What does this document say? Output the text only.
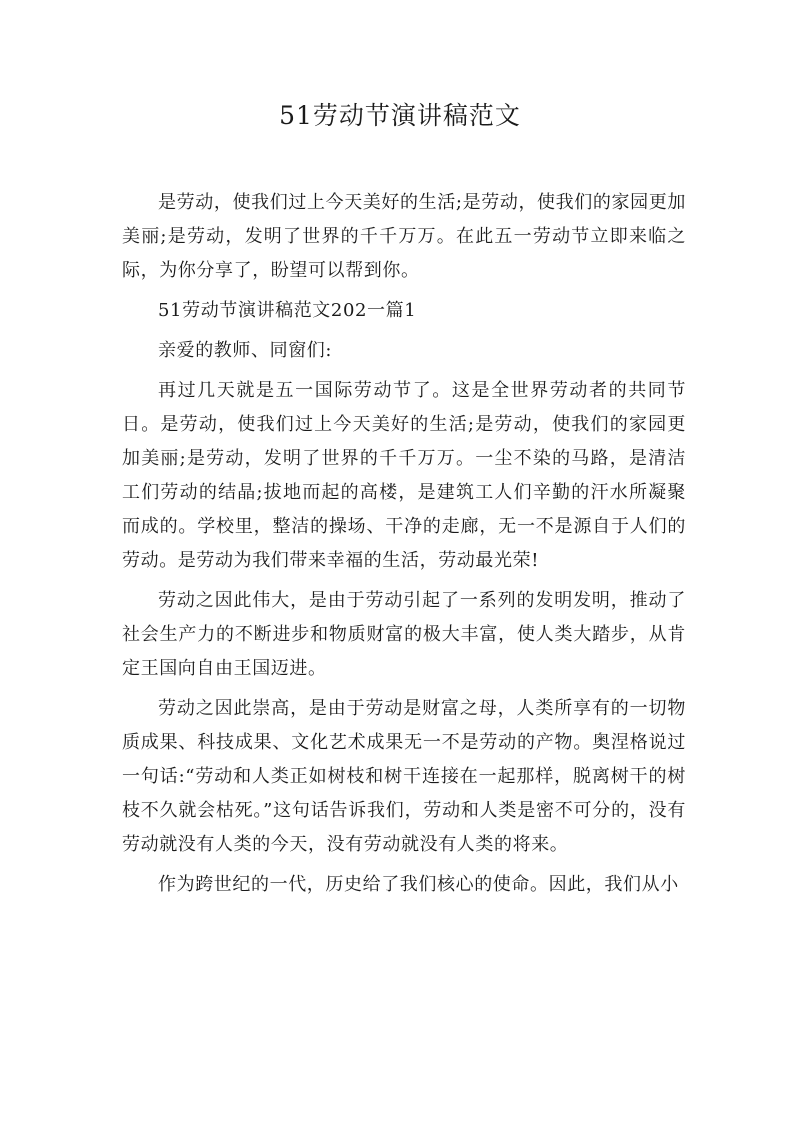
51劳动节演讲稿范文

是劳动，使我们过上今天美好的生活;是劳动，使我们的家园更加美丽;是劳动，发明了世界的千千万万。在此五一劳动节立即来临之际，为你分享了，盼望可以帮到你。

51劳动节演讲稿范文202一篇1

亲爱的教师、同窗们:

再过几天就是五一国际劳动节了。这是全世界劳动者的共同节日。是劳动，使我们过上今天美好的生活;是劳动，使我们的家园更加美丽;是劳动，发明了世界的千千万万。一尘不染的马路，是清洁工们劳动的结晶;拔地而起的高楼，是建筑工人们辛勤的汗水所凝聚而成的。学校里，整洁的操场、干净的走廊，无一不是源自于人们的劳动。是劳动为我们带来幸福的生活，劳动最光荣!

劳动之因此伟大，是由于劳动引起了一系列的发明发明，推动了社会生产力的不断进步和物质财富的极大丰富，使人类大踏步，从肯定王国向自由王国迈进。

劳动之因此崇高，是由于劳动是财富之母，人类所享有的一切物质成果、科技成果、文化艺术成果无一不是劳动的产物。奥涅格说过一句话:“劳动和人类正如树枝和树干连接在一起那样，脱离树干的树枝不久就会枯死。”这句话告诉我们，劳动和人类是密不可分的，没有劳动就没有人类的今天，没有劳动就没有人类的将来。

作为跨世纪的一代，历史给了我们核心的使命。因此，我们从小
